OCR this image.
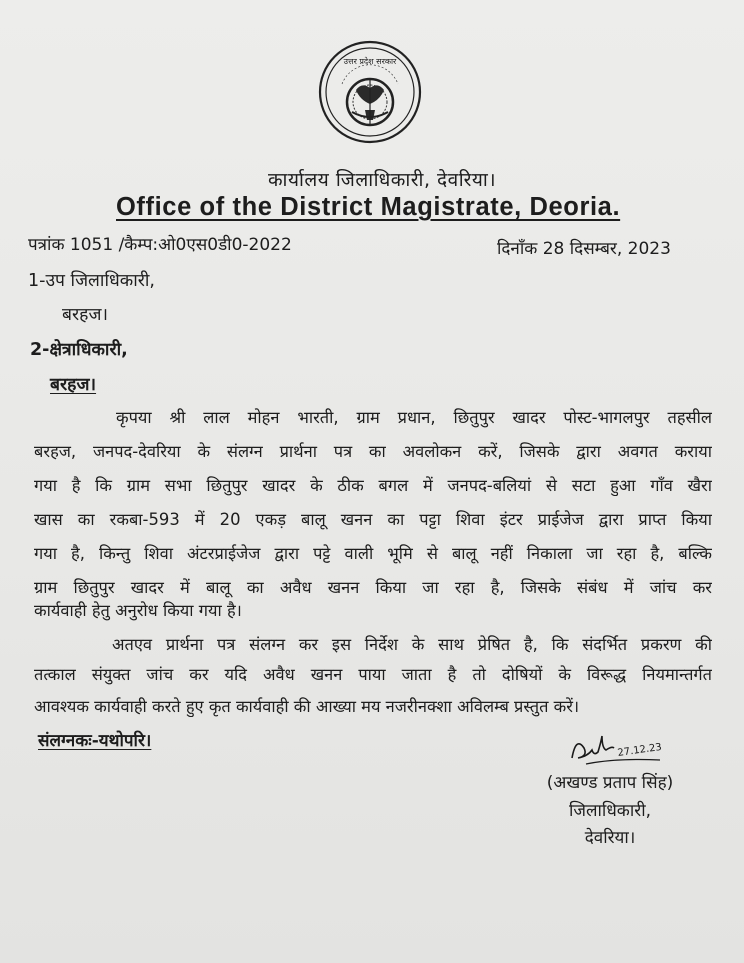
उत्तर प्रदेश सरकार
कार्यालय जिलाधिकारी, देवरिया।
Office of the District Magistrate, Deoria.
पत्रांक 1051 /कैम्प:ओ0एस0डी0-2022	दिनाँक 28 दिसम्बर, 2023
1-उप जिलाधिकारी,
बरहज।
2-क्षेत्राधिकारी,
बरहज।
कृपया श्री लाल मोहन भारती, ग्राम प्रधान, छितुपुर खादर पोस्ट-भागलपुर तहसील
बरहज, जनपद-देवरिया के संलग्न प्रार्थना पत्र का अवलोकन करें, जिसके द्वारा अवगत कराया
गया है कि ग्राम सभा छितुपुर खादर के ठीक बगल में जनपद-बलियां से सटा हुआ गाँव खैरा
खास का रकबा-593 में 20 एकड़ बालू खनन का पट्टा शिवा इंटर प्राईजेज द्वारा प्राप्त किया
गया है, किन्तु शिवा अंटरप्राईजेज द्वारा पट्टे वाली भूमि से बालू नहीं निकाला जा रहा है, बल्कि
ग्राम छितुपुर खादर में बालू का अवैध खनन किया जा रहा है, जिसके संबंध में जांच कर
कार्यवाही हेतु अनुरोध किया गया है।
अतएव प्रार्थना पत्र संलग्न कर इस निर्देश के साथ प्रेषित है, कि संदर्भित प्रकरण की
तत्काल संयुक्त जांच कर यदि अवैध खनन पाया जाता है तो दोषियों के विरूद्ध नियमान्तर्गत
आवश्यक कार्यवाही करते हुए कृत कार्यवाही की आख्या मय नजरीनक्शा अविलम्ब प्रस्तुत करें।
संलग्नकः-यथोपरि।	27.12.23
(अखण्ड प्रताप सिंह)
जिलाधिकारी,
देवरिया।
